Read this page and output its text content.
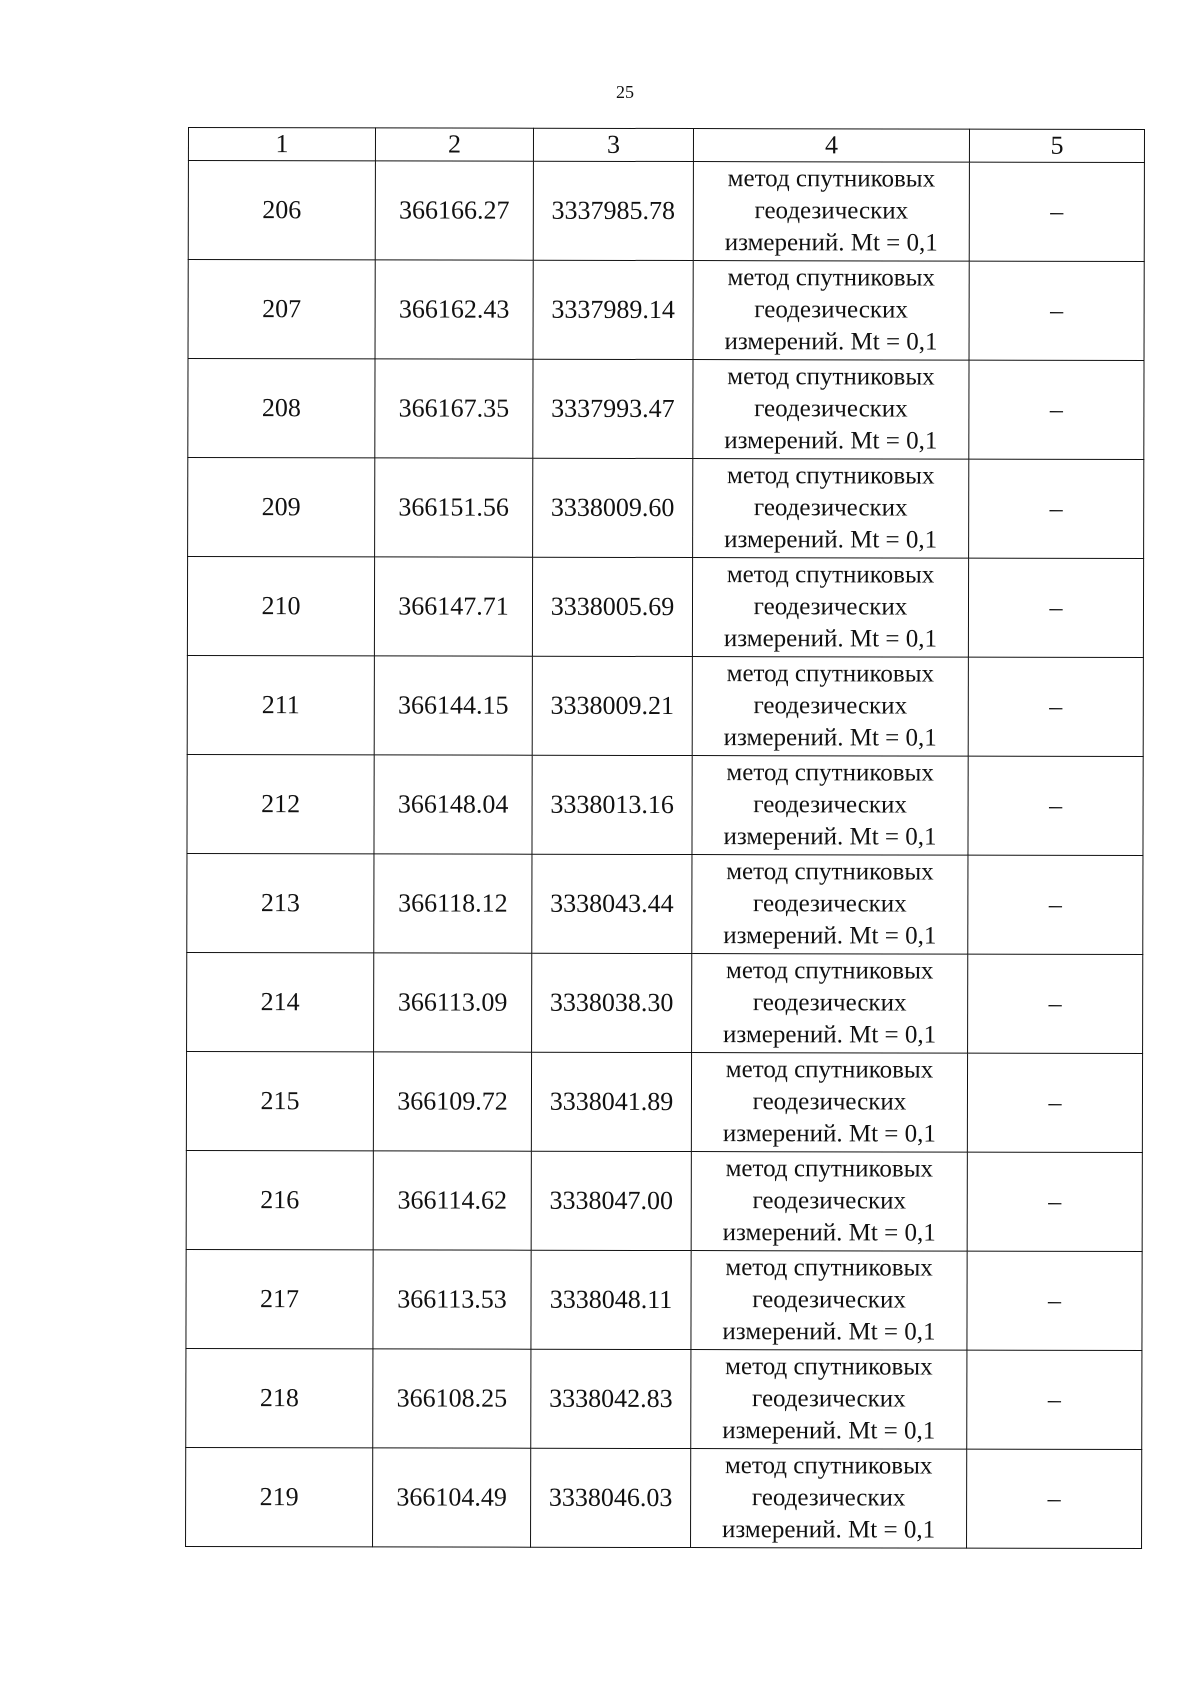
25
1	2	3	4	5
206	366166.27	3337985.78	метод спутниковых
геодезических
измерений. Mt = 0,1	–
207	366162.43	3337989.14	метод спутниковых
геодезических
измерений. Mt = 0,1	–
208	366167.35	3337993.47	метод спутниковых
геодезических
измерений. Mt = 0,1	–
209	366151.56	3338009.60	метод спутниковых
геодезических
измерений. Mt = 0,1	–
210	366147.71	3338005.69	метод спутниковых
геодезических
измерений. Mt = 0,1	–
211	366144.15	3338009.21	метод спутниковых
геодезических
измерений. Mt = 0,1	–
212	366148.04	3338013.16	метод спутниковых
геодезических
измерений. Mt = 0,1	–
213	366118.12	3338043.44	метод спутниковых
геодезических
измерений. Mt = 0,1	–
214	366113.09	3338038.30	метод спутниковых
геодезических
измерений. Mt = 0,1	–
215	366109.72	3338041.89	метод спутниковых
геодезических
измерений. Mt = 0,1	–
216	366114.62	3338047.00	метод спутниковых
геодезических
измерений. Mt = 0,1	–
217	366113.53	3338048.11	метод спутниковых
геодезических
измерений. Mt = 0,1	–
218	366108.25	3338042.83	метод спутниковых
геодезических
измерений. Mt = 0,1	–
219	366104.49	3338046.03	метод спутниковых
геодезических
измерений. Mt = 0,1	–
